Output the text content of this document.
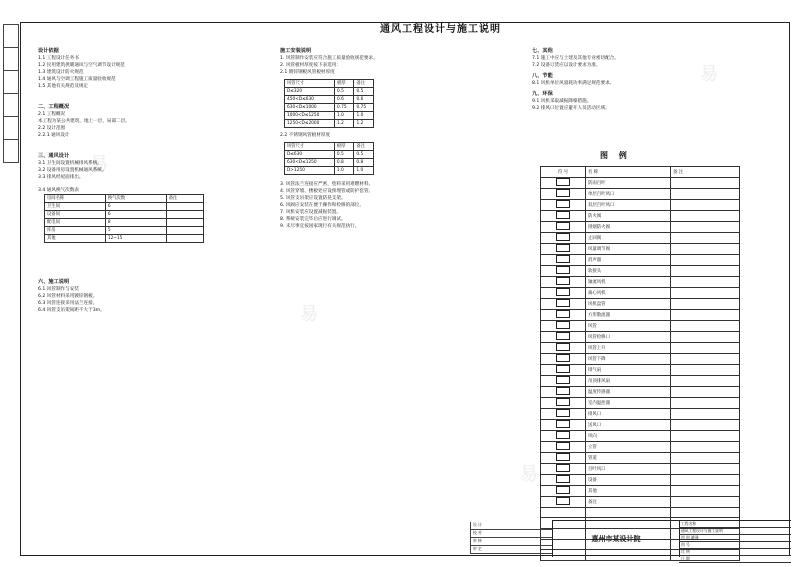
通风工程设计与施工说明
设计依据

1.1 工程设计任务书

1.2 民用建筑供暖通风与空气调节设计规范

1.3 建筑设计防火规范

1.4 通风与空调工程施工质量验收规范

1.5 其他有关规范及规定

二、工程概况

2.1 工程概况

本工程为某公共建筑，地上一层，局部二层。

2.2 设计范围

2.2.1 通风设计

三、通风设计

3.1 卫生间设置机械排风系统。

3.2 设备用房设置机械通风系统。

3.3 排风经屋面排出。

3.4 通风换气次数表

房间名称	换气次数	备注
卫生间	6	
设备间	6	
配电间	8	
库房	5	
其他	12~15	
六、施工说明

6.1 风管制作与安装

6.2 风管材料采用镀锌钢板。

6.3 风管连接采用法兰连接。

6.4 风管支吊架间距不大于3m。

施工安装说明

1. 风管制作安装应符合施工质量验收规范要求。

2. 风管板材厚度按下表选用：

2.1 镀锌钢板风管板材厚度

风管尺寸	板厚	备注
D≤320	0.5	0.5
450<D≤630	0.6	0.6
630<D≤1000	0.75	0.75
1000<D≤1250	1.0	1.0
1250<D≤2000	1.2	1.2

2.2 不锈钢风管板材厚度

风管尺寸	板厚	备注
D≤630	0.5	0.5
630<D≤1250	0.8	0.8
D>1250	1.0	1.0

3. 风管法兰连接应严密，垫料采用难燃材料。

4. 风管穿墙、楼板处应设预埋管或防护套管。

5. 风管支吊架应设置防晃支架。

6. 风阀应安装在便于操作和检修的部位。

7. 风机安装应设置减振装置。

8. 系统安装完毕后应进行调试。

9. 未尽事宜按国家现行有关规范执行。

七、其他

7.1 施工中应与土建及其他专业密切配合。

7.2 设备订货应以设计要求为准。

八、节能

8.1 风机单位风量耗功率满足规范要求。

九、环保

9.1 风机采取减振降噪措施。

9.2 排风口位置应避开人员活动区域。

图 例
符 号	名 称	备 注
	防雨百叶	
	单层百叶风口	
	双层百叶风口	
	防火阀	
	排烟防火阀	
	止回阀	
	风量调节阀	
	消声器	
	软接头	
	轴流风机	
	离心风机	
	风机盘管	
	方形散流器	
	风管	
	风管检修口	
	风管上升	
	风管下降	
	排气扇	
	吊顶排风扇	
	温度传感器	
	室内温控器	
	排风口	
	送风口	
	风向	
	立管	
	管道	
	百叶风口	
	设备	
	其他	
	备注	

设 计
校 对
审 核
审 定
惠州市某设计院
工程名称
通风工程设计与施工说明
图 别 暖通
图 号
比 例
日 期
易
易
易
易
